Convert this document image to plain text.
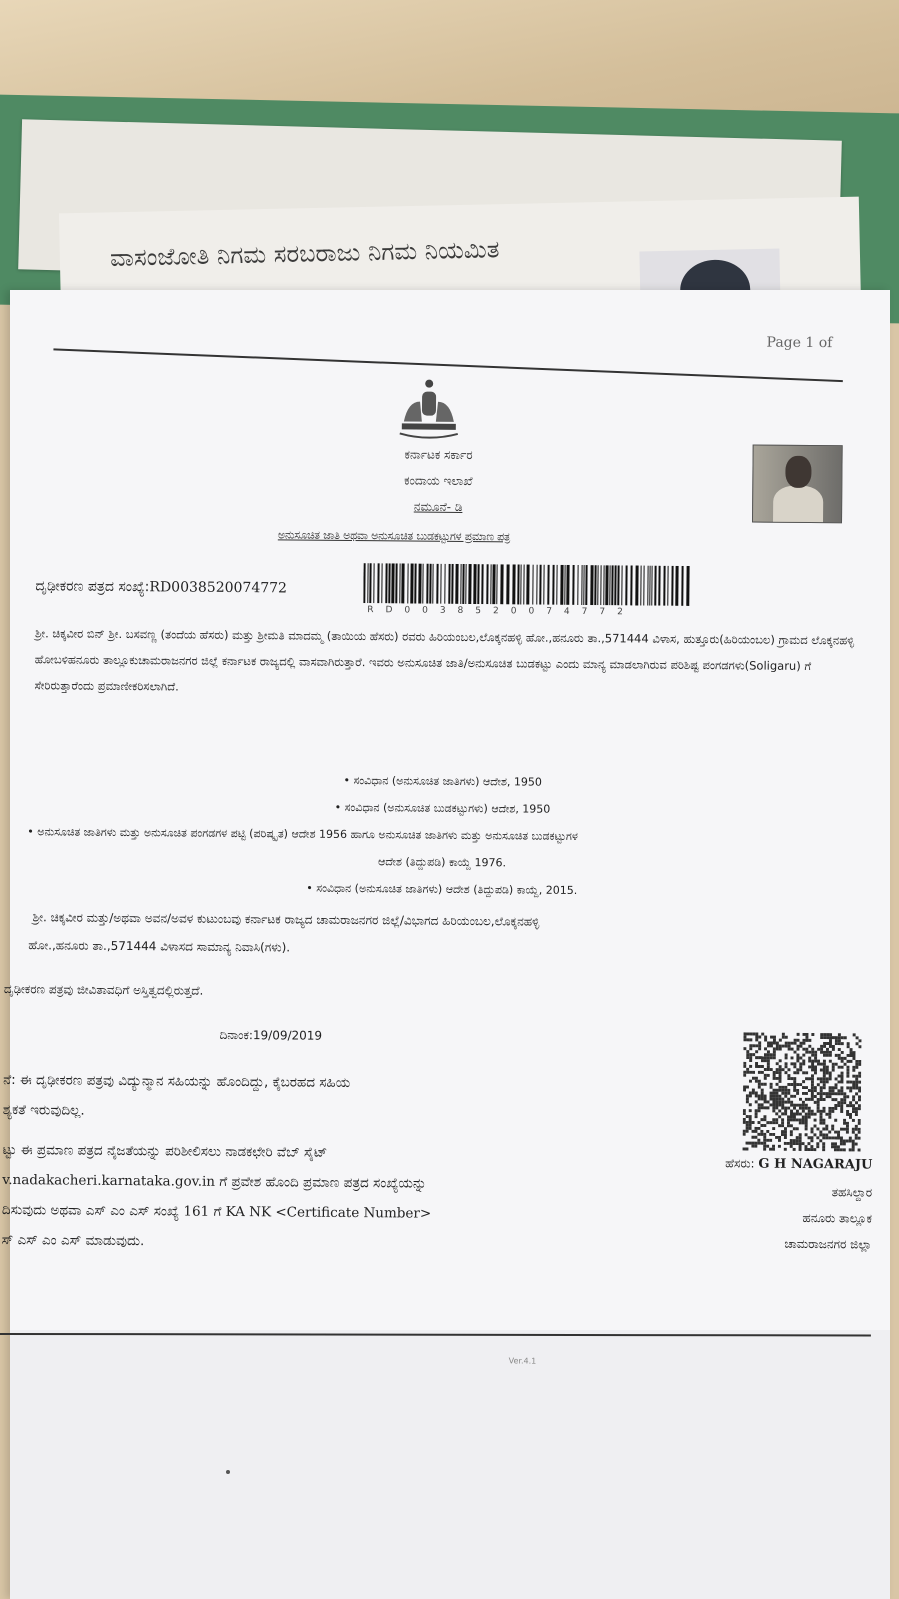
ವಾಸಂಜೋತಿ ನಿಗಮ ಸರಬರಾಜು ನಿಗಮ ನಿಯಮಿತ
Page 1 of
ಕರ್ನಾಟಕ ಸರ್ಕಾರ
ಕಂದಾಯ ಇಲಾಖೆ
ನಮೂನೆ- ಡಿ
ಅನುಸೂಚಿತ ಜಾತಿ ಅಥವಾ ಅನುಸೂಚಿತ ಬುಡಕಟ್ಟುಗಳ ಪ್ರಮಾಣ ಪತ್ರ
ದೃಢೀಕರಣ ಪತ್ರದ ಸಂಖ್ಯೆ:RD0038520074772
RD0038520074772
ಶ್ರೀ. ಚಿಕ್ಕವೀರ ಬಿನ್ ಶ್ರೀ. ಬಸವಣ್ಣ (ತಂದೆಯ ಹೆಸರು) ಮತ್ತು ಶ್ರೀಮತಿ ಮಾದಮ್ಮ (ತಾಯಿಯ ಹೆಸರು) ರವರು ಹಿರಿಯಂಬಲ,ಲೊಕ್ಕನಹಳ್ಳಿ ಹೋ.,ಹನೂರು ತಾ.,571444 ವಿಳಾಸ, ಹುತ್ತೂರು(ಹಿರಿಯಂಬಲ) ಗ್ರಾಮದ ಲೊಕ್ಕನಹಳ್ಳಿ ಹೋಬಳಿಹನೂರು ತಾಲ್ಲೂಕುಚಾಮರಾಜನಗರ ಜಿಲ್ಲೆ ಕರ್ನಾಟಕ ರಾಜ್ಯದಲ್ಲಿ ವಾಸವಾಗಿರುತ್ತಾರೆ. ಇವರು ಅನುಸೂಚಿತ ಜಾತಿ/ಅನುಸೂಚಿತ ಬುಡಕಟ್ಟು ಎಂದು ಮಾನ್ಯ ಮಾಡಲಾಗಿರುವ ಪರಿಶಿಷ್ಟ ಪಂಗಡಗಳು(Soligaru) ಗೆ ಸೇರಿರುತ್ತಾರೆಂದು ಪ್ರಮಾಣೀಕರಿಸಲಾಗಿದೆ.
• ಸಂವಿಧಾನ (ಅನುಸೂಚಿತ ಜಾತಿಗಳು) ಆದೇಶ, 1950
• ಸಂವಿಧಾನ (ಅನುಸೂಚಿತ ಬುಡಕಟ್ಟುಗಳು) ಆದೇಶ, 1950
• ಅನುಸೂಚಿತ ಜಾತಿಗಳು ಮತ್ತು ಅನುಸೂಚಿತ ಪಂಗಡಗಳ ಪಟ್ಟಿ (ಪರಿಷ್ಕೃತ) ಆದೇಶ 1956 ಹಾಗೂ ಅನುಸೂಚಿತ ಜಾತಿಗಳು ಮತ್ತು ಅನುಸೂಚಿತ ಬುಡಕಟ್ಟುಗಳ
ಆದೇಶ (ತಿದ್ದುಪಡಿ) ಕಾಯ್ದೆ 1976.
• ಸಂವಿಧಾನ (ಅನುಸೂಚಿತ ಜಾತಿಗಳು) ಆದೇಶ (ತಿದ್ದುಪಡಿ) ಕಾಯ್ದೆ, 2015.
ಶ್ರೀ. ಚಿಕ್ಕವೀರ ಮತ್ತು/ಅಥವಾ ಅವನ/ಅವಳ ಕುಟುಂಬವು ಕರ್ನಾಟಕ ರಾಜ್ಯದ ಚಾಮರಾಜನಗರ ಜಿಲ್ಲೆ/ವಿಭಾಗದ ಹಿರಿಯಂಬಲ,ಲೊಕ್ಕನಹಳ್ಳಿ
ಹೋ.,ಹನೂರು ತಾ.,571444 ವಿಳಾಸದ ಸಾಮಾನ್ಯ ನಿವಾಸಿ(ಗಳು).
ದೃಢೀಕರಣ ಪತ್ರವು ಜೀವಿತಾವಧಿಗೆ ಅಸ್ತಿತ್ವದಲ್ಲಿರುತ್ತದೆ.
ದಿನಾಂಕ:19/09/2019
ನೆ: ಈ ದೃಢೀಕರಣ ಪತ್ರವು ವಿದ್ಯುನ್ಮಾನ ಸಹಿಯನ್ನು ಹೊಂದಿದ್ದು, ಕೈಬರಹದ ಸಹಿಯ
ಶ್ಯಕತೆ ಇರುವುದಿಲ್ಲ.
ಟ್ಟು ಈ ಪ್ರಮಾಣ ಪತ್ರದ ನೈಜತೆಯನ್ನು ಪರಿಶೀಲಿಸಲು ನಾಡಕಛೇರಿ ವೆಬ್ ಸೈಟ್
v.nadakacheri.karnataka.gov.in ಗೆ ಪ್ರವೇಶ ಹೊಂದಿ ಪ್ರಮಾಣ ಪತ್ರದ ಸಂಖ್ಯೆಯನ್ನು
ದಿಸುವುದು ಅಥವಾ ಎಸ್ ಎಂ ಎಸ್ ಸಂಖ್ಯೆ 161 ಗೆ KA NK <Certificate Number>
ಸ್ ಎಸ್ ಎಂ ಎಸ್ ಮಾಡುವುದು.
ಹೆಸರು: G H NAGARAJU
ತಹಸಿಲ್ದಾರ
ಹನೂರು ತಾಲ್ಲೂಕ
ಚಾಮರಾಜನಗರ ಜಿಲ್ಲಾ
Ver.4.1
